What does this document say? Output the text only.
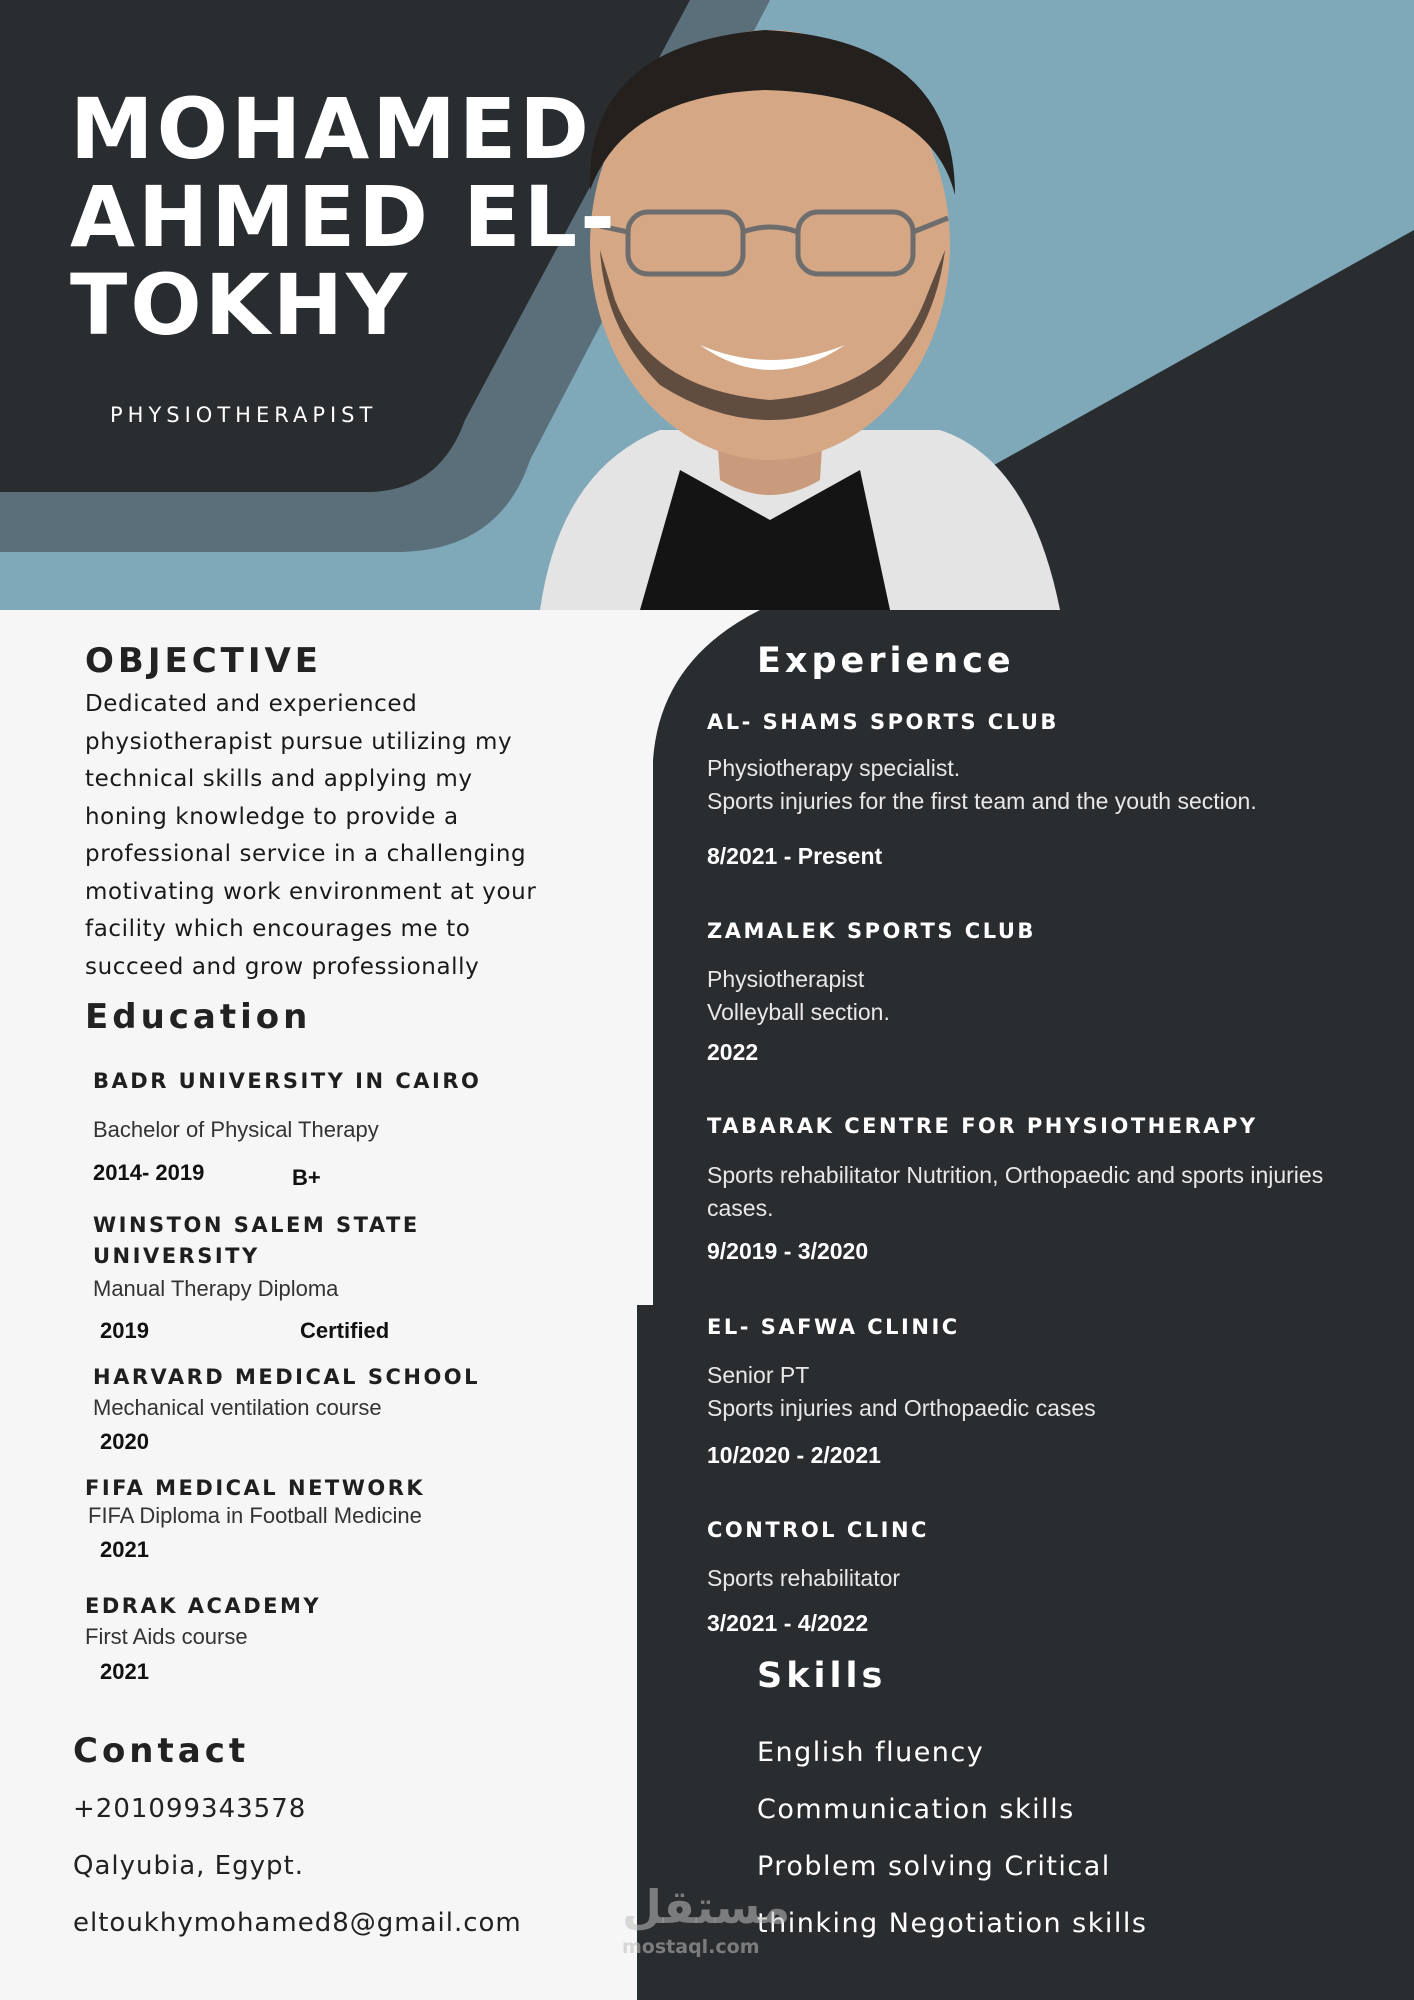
MOHAMED
AHMED EL-
TOKHY
PHYSIOTHERAPIST
OBJECTIVE
Dedicated and experienced
physiotherapist pursue utilizing my
technical skills and applying my
honing knowledge to provide a
professional service in a challenging
motivating work environment at your
facility which encourages me to
succeed and grow professionally
Education
BADR UNIVERSITY IN CAIRO
Bachelor of Physical Therapy
2014- 2019	B+
WINSTON SALEM STATE
UNIVERSITY
Manual Therapy Diploma
2019	Certified
HARVARD MEDICAL SCHOOL
Mechanical ventilation course
2020
FIFA MEDICAL NETWORK
FIFA Diploma in Football Medicine
2021
EDRAK ACADEMY
First Aids course
2021
Contact
+201099343578
Qalyubia, Egypt.
eltoukhymohamed8@gmail.com
Experience
AL- SHAMS SPORTS CLUB
Physiotherapy specialist.
Sports injuries for the first team and the youth section.
8/2021 - Present
ZAMALEK SPORTS CLUB
Physiotherapist
Volleyball section.
2022
TABARAK CENTRE FOR PHYSIOTHERAPY
Sports rehabilitator Nutrition, Orthopaedic and sports injuries
cases.
9/2019 - 3/2020
EL- SAFWA CLINIC
Senior PT
Sports injuries and Orthopaedic cases
10/2020 - 2/2021
CONTROL CLINC
Sports rehabilitator
3/2021 - 4/2022
Skills
English fluency
Communication skills
Problem solving Critical
thinking Negotiation skills
مستقل
mostaql.com
